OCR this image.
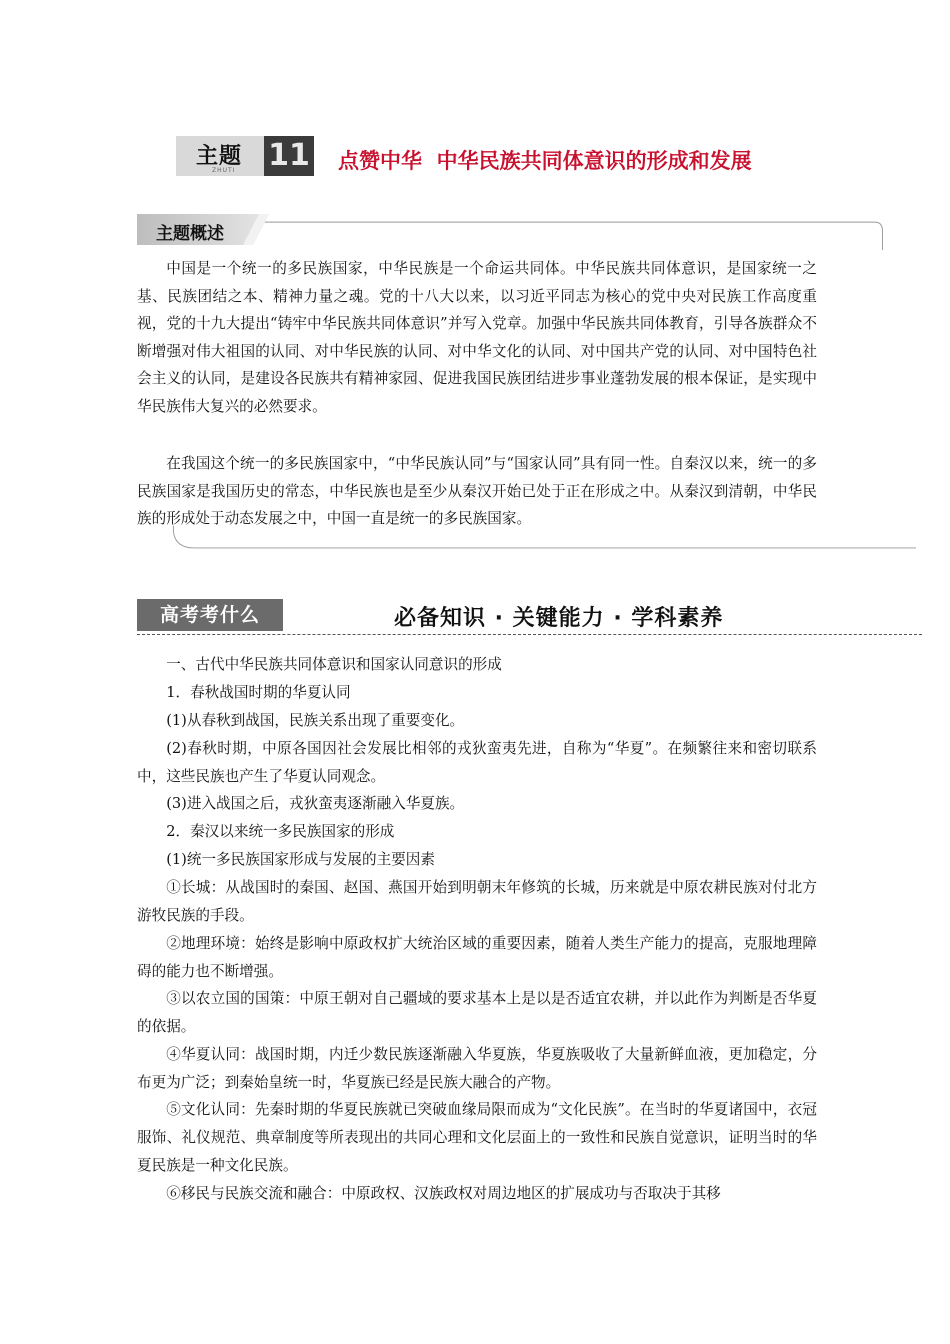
主题
ZHUTI 11 点赞中华  中华民族共同体意识的形成和发展
主题概述

中国是一个统一的多民族国家，中华民族是一个命运共同体。中华民族共同体意识，是国家统一之基、民族团结之本、精神力量之魂。党的十八大以来，以习近平同志为核心的党中央对民族工作高度重视，党的十九大提出“铸牢中华民族共同体意识”并写入党章。加强中华民族共同体教育，引导各族群众不断增强对伟大祖国的认同、对中华民族的认同、对中华文化的认同、对中国共产党的认同、对中国特色社会主义的认同，是建设各民族共有精神家园、促进我国民族团结进步事业蓬勃发展的根本保证，是实现中华民族伟大复兴的必然要求。

在我国这个统一的多民族国家中，“中华民族认同”与“国家认同”具有同一性。自秦汉以来，统一的多民族国家是我国历史的常态，中华民族也是至少从秦汉开始已处于正在形成之中。从秦汉到清朝，中华民族的形成处于动态发展之中，中国一直是统一的多民族国家。

高考考什么	必备知识 · 关键能力 · 学科素养

一、古代中华民族共同体意识和国家认同意识的形成

1．春秋战国时期的华夏认同

(1)从春秋到战国，民族关系出现了重要变化。

(2)春秋时期，中原各国因社会发展比相邻的戎狄蛮夷先进，自称为“华夏”。在频繁往来和密切联系中，这些民族也产生了华夏认同观念。

(3)进入战国之后，戎狄蛮夷逐渐融入华夏族。

2．秦汉以来统一多民族国家的形成

(1)统一多民族国家形成与发展的主要因素

①长城：从战国时的秦国、赵国、燕国开始到明朝末年修筑的长城，历来就是中原农耕民族对付北方游牧民族的手段。

②地理环境：始终是影响中原政权扩大统治区域的重要因素，随着人类生产能力的提高，克服地理障碍的能力也不断增强。

③以农立国的国策：中原王朝对自己疆域的要求基本上是以是否适宜农耕，并以此作为判断是否华夏的依据。

④华夏认同：战国时期，内迁少数民族逐渐融入华夏族，华夏族吸收了大量新鲜血液，更加稳定，分布更为广泛；到秦始皇统一时，华夏族已经是民族大融合的产物。

⑤文化认同：先秦时期的华夏民族就已突破血缘局限而成为“文化民族”。在当时的华夏诸国中，衣冠服饰、礼仪规范、典章制度等所表现出的共同心理和文化层面上的一致性和民族自觉意识，证明当时的华夏民族是一种文化民族。

⑥移民与民族交流和融合：中原政权、汉族政权对周边地区的扩展成功与否取决于其移
